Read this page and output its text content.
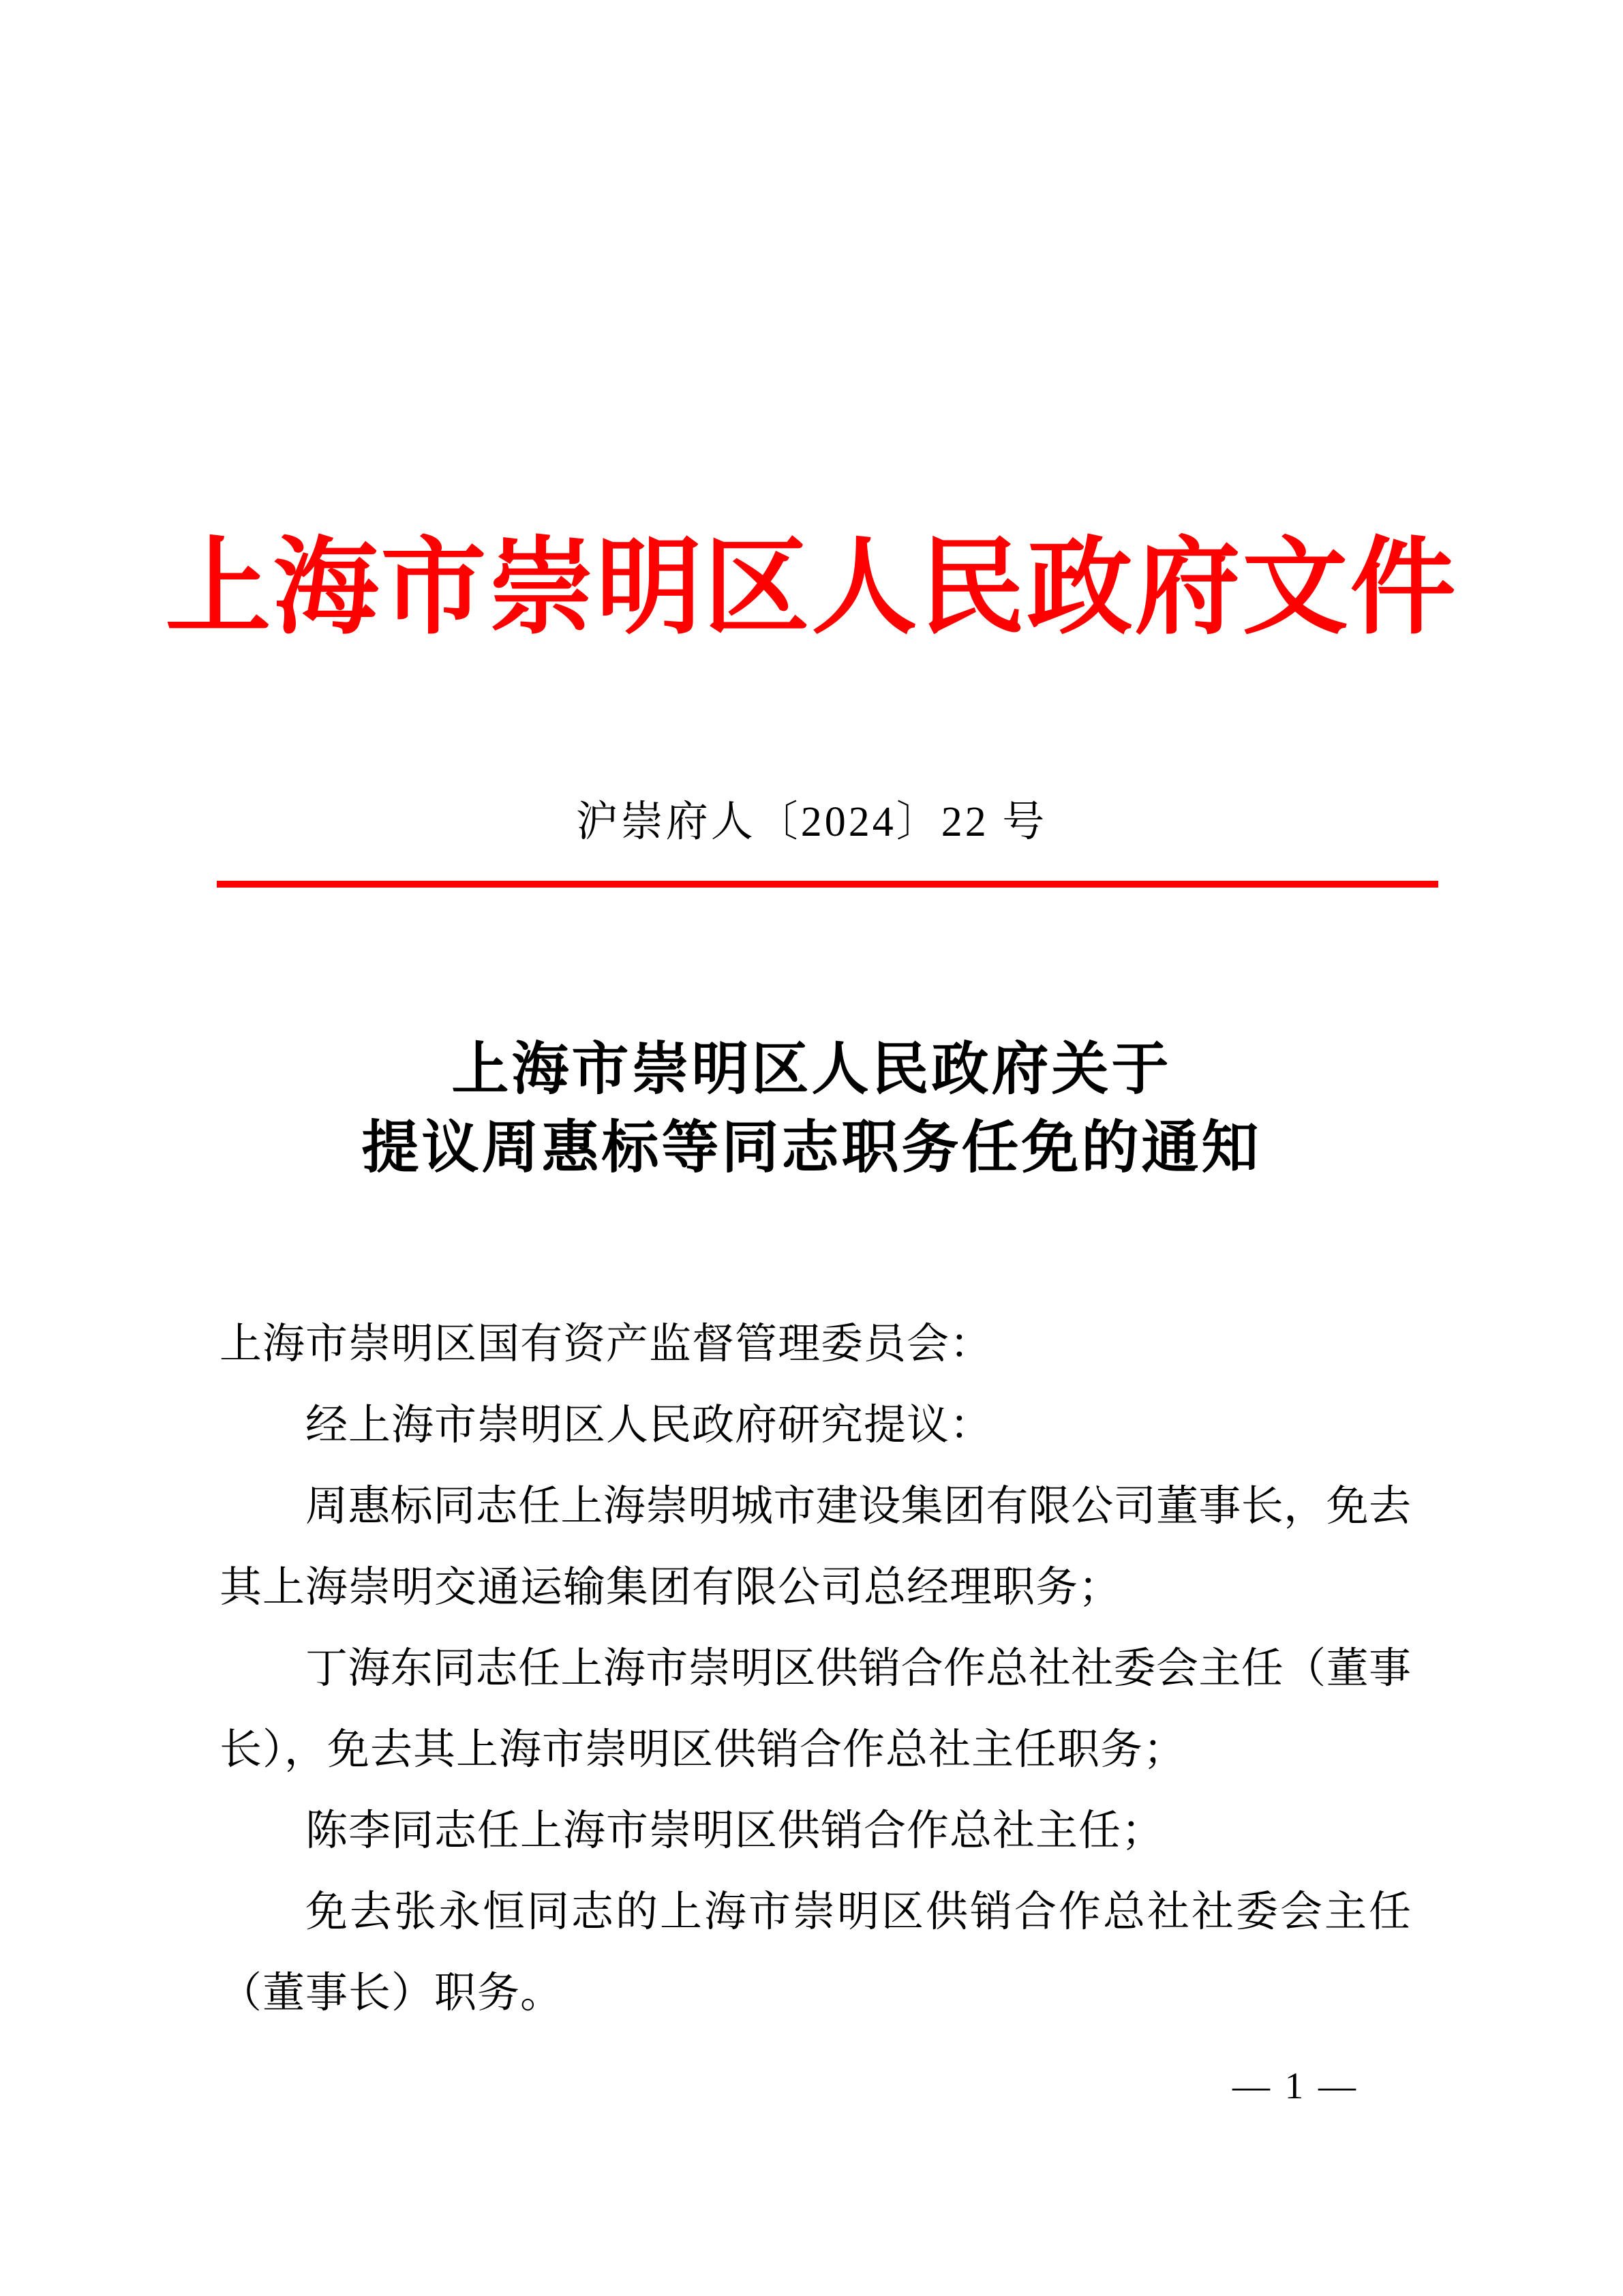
上海市崇明区人民政府文件
沪崇府人〔2024〕22 号
上海市崇明区人民政府关于
提议周惠标等同志职务任免的通知
上海市崇明区国有资产监督管理委员会：
经上海市崇明区人民政府研究提议：
周惠标同志任上海崇明城市建设集团有限公司董事长，免去
其上海崇明交通运输集团有限公司总经理职务；
丁海东同志任上海市崇明区供销合作总社社委会主任（董事
长），免去其上海市崇明区供销合作总社主任职务；
陈李同志任上海市崇明区供销合作总社主任；
免去张永恒同志的上海市崇明区供销合作总社社委会主任
（董事长）职务。
— 1 —
